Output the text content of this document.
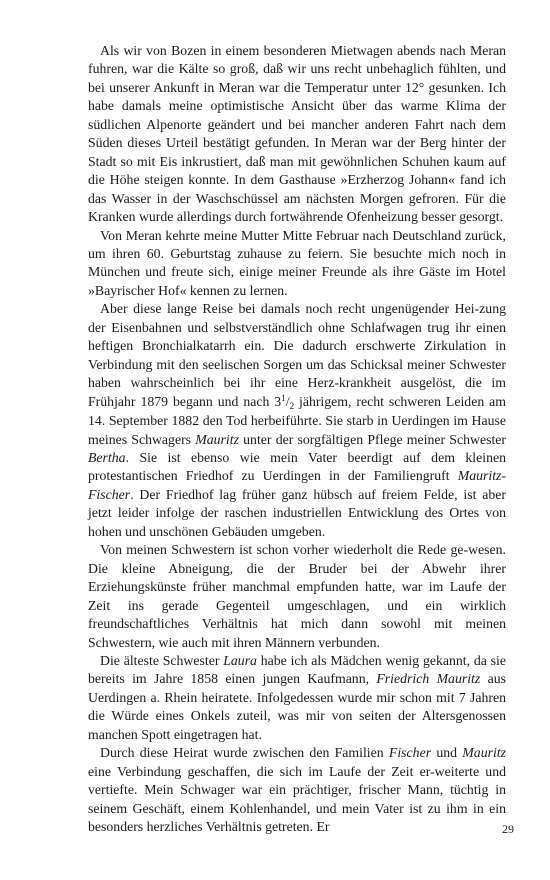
Als wir von Bozen in einem besonderen Mietwagen abends nach Meran fuhren, war die Kälte so groß, daß wir uns recht unbehaglich fühlten, und bei unserer Ankunft in Meran war die Temperatur unter 12° gesunken. Ich habe damals meine optimistische Ansicht über das warme Klima der südlichen Alpenorte geändert und bei mancher anderen Fahrt nach dem Süden dieses Urteil bestätigt gefunden. In Meran war der Berg hinter der Stadt so mit Eis inkrustiert, daß man mit gewöhnlichen Schuhen kaum auf die Höhe steigen konnte. In dem Gasthause »Erzherzog Johann« fand ich das Wasser in der Waschschüssel am nächsten Morgen gefroren. Für die Kranken wurde allerdings durch fortwährende Ofenheizung besser gesorgt.

Von Meran kehrte meine Mutter Mitte Februar nach Deutschland zurück, um ihren 60. Geburtstag zuhause zu feiern. Sie besuchte mich noch in München und freute sich, einige meiner Freunde als ihre Gäste im Hotel »Bayrischer Hof« kennen zu lernen.

Aber diese lange Reise bei damals noch recht ungenügender Hei-zung der Eisenbahnen und selbstverständlich ohne Schlafwagen trug ihr einen heftigen Bronchialkatarrh ein. Die dadurch erschwerte Zirkulation in Verbindung mit den seelischen Sorgen um das Schicksal meiner Schwester haben wahrscheinlich bei ihr eine Herz-krankheit ausgelöst, die im Frühjahr 1879 begann und nach $3^1/_2$ jährigem, recht schweren Leiden am 14. September 1882 den Tod herbeiführte. Sie starb in Uerdingen im Hause meines Schwagers Mauritz unter der sorgfältigen Pflege meiner Schwester Bertha. Sie ist ebenso wie mein Vater beerdigt auf dem kleinen protestantischen Friedhof zu Uerdingen in der Familiengruft Mauritz-Fischer. Der Friedhof lag früher ganz hübsch auf freiem Felde, ist aber jetzt leider infolge der raschen industriellen Entwicklung des Ortes von hohen und unschönen Gebäuden umgeben.

Von meinen Schwestern ist schon vorher wiederholt die Rede ge-wesen. Die kleine Abneigung, die der Bruder bei der Abwehr ihrer Erziehungskünste früher manchmal empfunden hatte, war im Laufe der Zeit ins gerade Gegenteil umgeschlagen, und ein wirklich freundschaftliches Verhältnis hat mich dann sowohl mit meinen Schwestern, wie auch mit ihren Männern verbunden.

Die älteste Schwester Laura habe ich als Mädchen wenig gekannt, da sie bereits im Jahre 1858 einen jungen Kaufmann, Friedrich Mauritz aus Uerdingen a. Rhein heiratete. Infolgedessen wurde mir schon mit 7 Jahren die Würde eines Onkels zuteil, was mir von seiten der Altersgenossen manchen Spott eingetragen hat.

Durch diese Heirat wurde zwischen den Familien Fischer und Mauritz eine Verbindung geschaffen, die sich im Laufe der Zeit er-weiterte und vertiefte. Mein Schwager war ein prächtiger, frischer Mann, tüchtig in seinem Geschäft, einem Kohlenhandel, und mein Vater ist zu ihm in ein besonders herzliches Verhältnis getreten. Er	29
